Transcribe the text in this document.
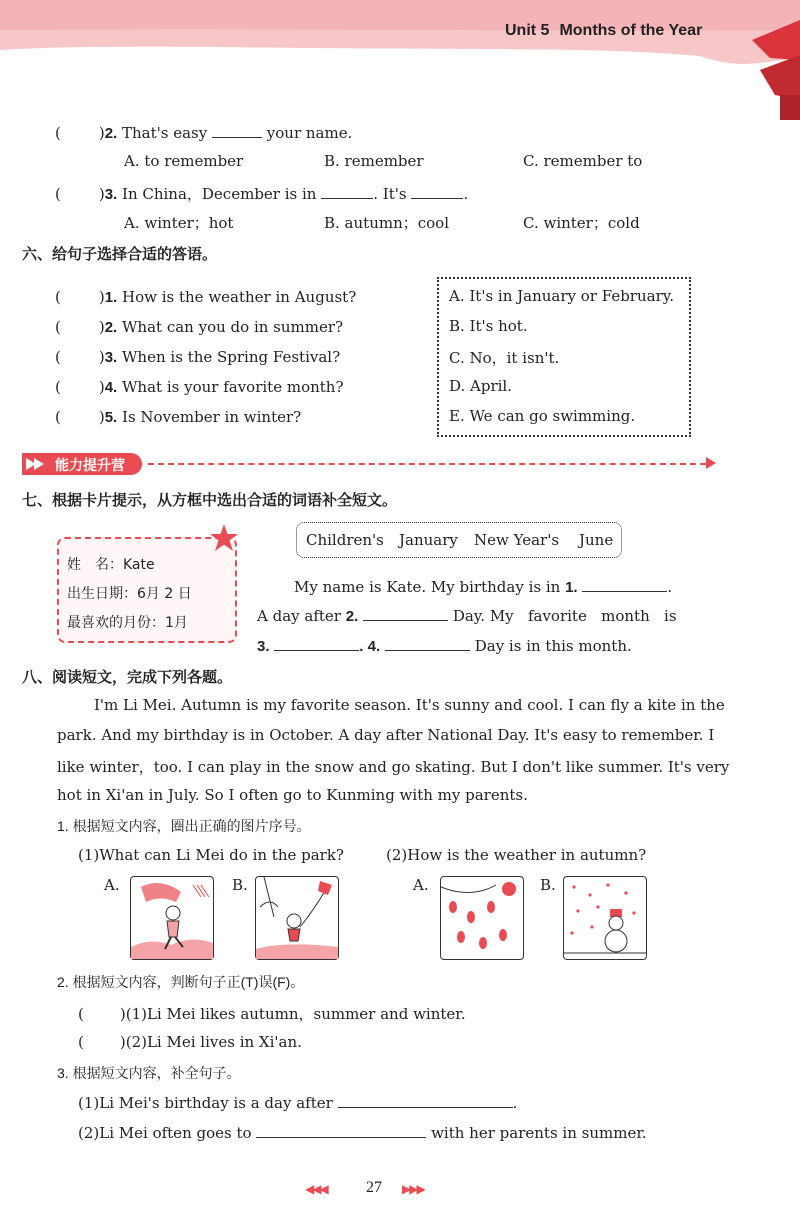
Unit 5 Months of the Year
(	)2. That's easy	your name.
A. to remember	B. remember	C. remember to
(	)3. In China，December is in	. It's	.
A. winter；hot	B. autumn；cool	C. winter；cold
六、给句子选择合适的答语。
(	)1. How is the weather in August?
(	)2. What can you do in summer?
(	)3. When is the Spring Festival?
(	)4. What is your favorite month?
(	)5. Is November in winter?
A. It's in January or February.
B. It's hot.
C. No，it isn't.
D. April.
E. We can go swimming.
能力提升营
七、根据卡片提示，从方框中选出合适的词语补全短文。
姓　名：Kate
出生日期：6月 2 日
最喜欢的月份：1月
Children's January New Year's June
My name is Kate. My birthday is in 1.	.
A day after 2.	Day. My   favorite   month   is
3.	. 4.	Day is in this month.
八、阅读短文，完成下列各题。
I'm Li Mei. Autumn is my favorite season. It's sunny and cool. I can fly a kite in the
park. And my birthday is in October. A day after National Day. It's easy to remember. I
like winter，too. I can play in the snow and go skating. But I don't like summer. It's very
hot in Xi'an in July. So I often go to Kunming with my parents.
1. 根据短文内容，圈出正确的图片序号。
(1)What can Li Mei do in the park?	(2)How is the weather in autumn?
A.	B.	A.	B.
2. 根据短文内容，判断句子正(T)误(F)。
( )(1)Li Mei likes autumn，summer and winter.
( )(2)Li Mei lives in Xi'an.
3. 根据短文内容，补全句子。
(1)Li Mei's birthday is a day after	.
(2)Li Mei often goes to	with her parents in summer.
◀◀◀ 27 ▶▶▶
